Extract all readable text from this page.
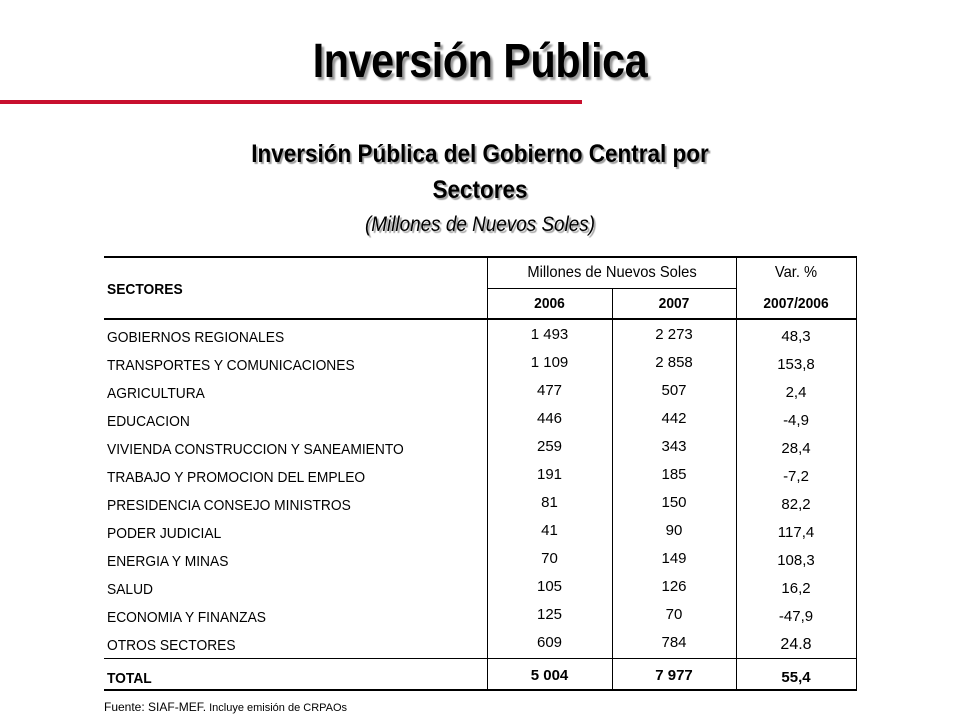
Inversión Pública
Inversión Pública del Gobierno Central por
Sectores
(Millones de Nuevos Soles)
SECTORES
Millones de Nuevos Soles	Var. %
2006	2007	2007/2006
GOBIERNOS REGIONALES	1 493	2 273	48,3
TRANSPORTES Y COMUNICACIONES	1 109	2 858	153,8
AGRICULTURA	477	507	2,4
EDUCACION	446	442	-4,9
VIVIENDA CONSTRUCCION Y SANEAMIENTO	259	343	28,4
TRABAJO Y PROMOCION DEL EMPLEO	191	185	-7,2
PRESIDENCIA CONSEJO MINISTROS	81	150	82,2
PODER JUDICIAL	41	90	117,4
ENERGIA Y MINAS	70	149	108,3
SALUD	105	126	16,2
ECONOMIA Y FINANZAS	125	70	-47,9
OTROS SECTORES	609	784	24.8
TOTAL	5 004	7 977	55,4
Fuente: SIAF-MEF. Incluye emisión de CRPAOs
